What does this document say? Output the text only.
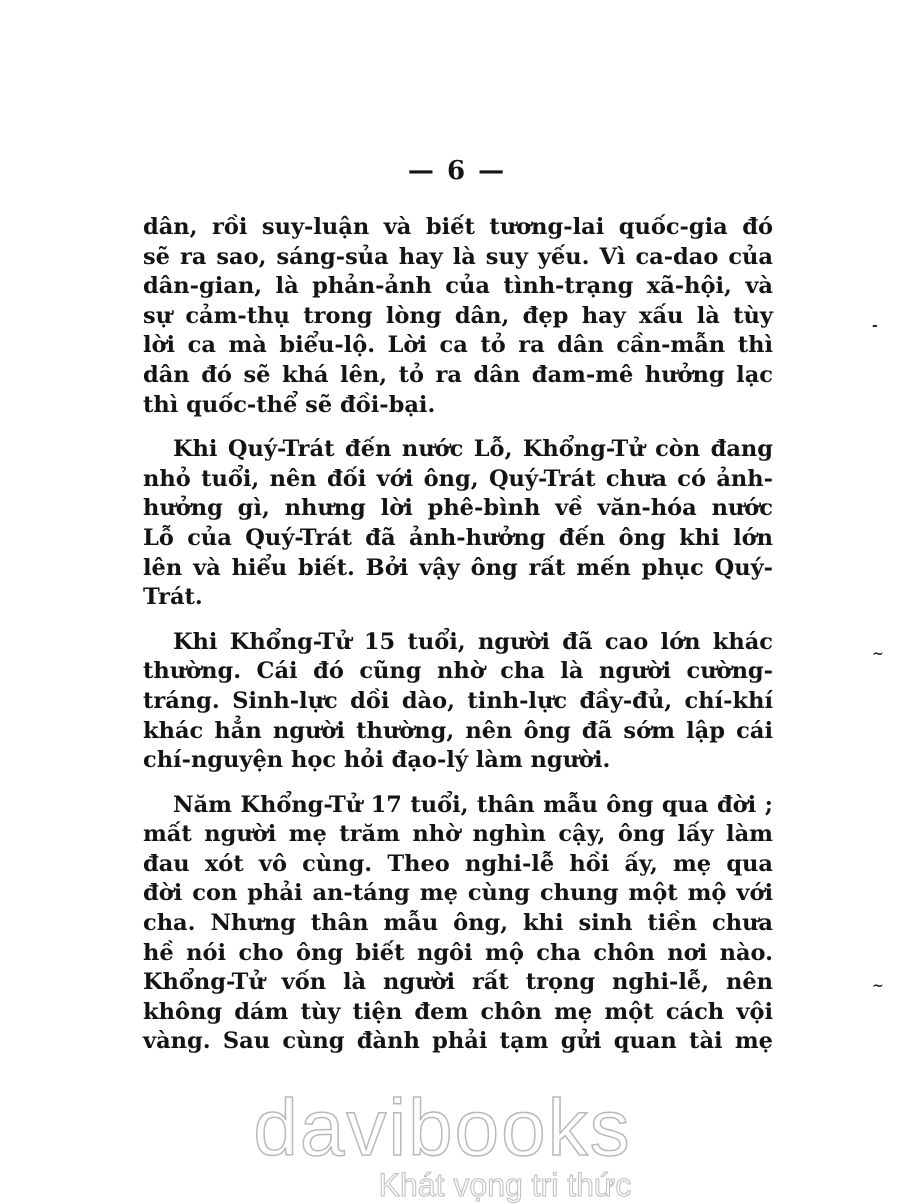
— 6 —
dân, rồi suy-luận và biết tương-lai quốc-gia đó
sẽ ra sao, sáng-sủa hay là suy yếu. Vì ca-dao của
dân-gian, là phản-ảnh của tình-trạng xã-hội, và
sự cảm-thụ trong lòng dân, đẹp hay xấu là tùy
lời ca mà biểu-lộ. Lời ca tỏ ra dân cần-mẫn thì
dân đó sẽ khá lên, tỏ ra dân đam-mê hưởng lạc
thì quốc-thể sẽ đồi-bại.
Khi Quý-Trát đến nước Lỗ, Khổng-Tử còn đang
nhỏ tuổi, nên đối với ông, Quý-Trát chưa có ảnh-
hưởng gì, nhưng lời phê-bình về văn-hóa nước
Lỗ của Quý-Trát đã ảnh-hưởng đến ông khi lớn
lên và hiểu biết. Bởi vậy ông rất mến phục Quý-
Trát.
Khi Khổng-Tử 15 tuổi, người đã cao lớn khác
thường. Cái đó cũng nhờ cha là người cường-
tráng. Sinh-lực dồi dào, tinh-lực đầy-đủ, chí-khí
khác hẳn người thường, nên ông đã sớm lập cái
chí-nguyện học hỏi đạo-lý làm người.
Năm Khổng-Tử 17 tuổi, thân mẫu ông qua đời ;
mất người mẹ trăm nhờ nghìn cậy, ông lấy làm
đau xót vô cùng. Theo nghi-lễ hồi ấy, mẹ qua
đời con phải an-táng mẹ cùng chung một mộ với
cha. Nhưng thân mẫu ông, khi sinh tiền chưa
hề nói cho ông biết ngôi mộ cha chôn nơi nào.
Khổng-Tử vốn là người rất trọng nghi-lễ, nên
không dám tùy tiện đem chôn mẹ một cách vội
vàng. Sau cùng đành phải tạm gửi quan tài mẹ
-
~
~
davibooks
Khát vọng tri thức
